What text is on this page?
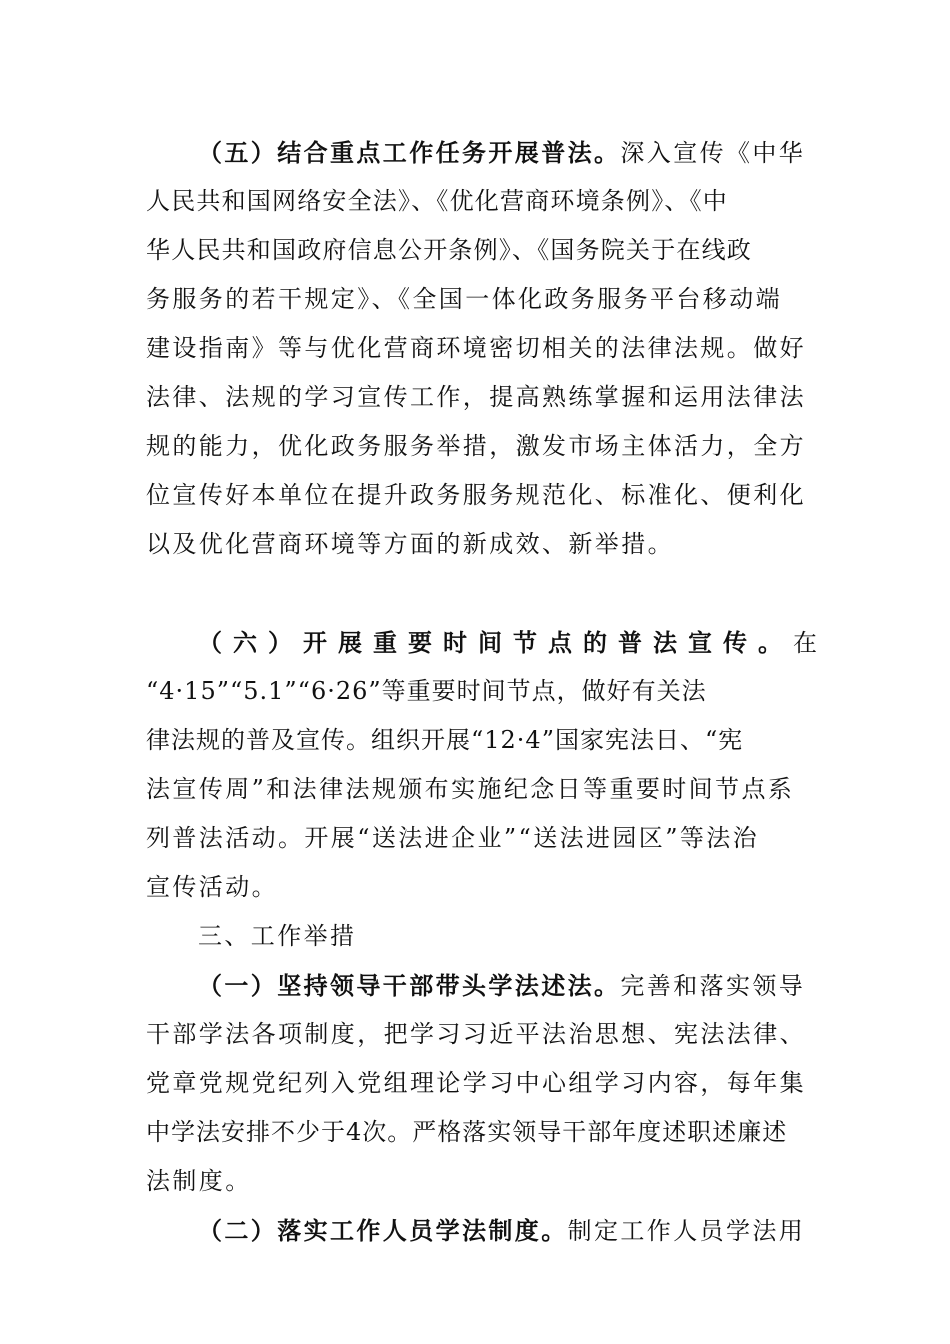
（五）结合重点工作任务开展普法。深入宣传《中华
人民共和国网络安全法》、《优化营商环境条例》、《中
华人民共和国政府信息公开条例》、《国务院关于在线政
务服务的若干规定》、《全国一体化政务服务平台移动端
建设指南》等与优化营商环境密切相关的法律法规。做好
法律、法规的学习宣传工作，提高熟练掌握和运用法律法
规的能力，优化政务服务举措，激发市场主体活力，全方
位宣传好本单位在提升政务服务规范化、标准化、便利化
以及优化营商环境等方面的新成效、新举措。
（六）开展重要时间节点的普法宣传。在
“4·15”“5.1”“6·26”等重要时间节点，做好有关法
律法规的普及宣传。组织开展“12·4”国家宪法日、“宪
法宣传周”和法律法规颁布实施纪念日等重要时间节点系
列普法活动。开展“送法进企业”“送法进园区”等法治
宣传活动。
三、工作举措
（一）坚持领导干部带头学法述法。完善和落实领导
干部学法各项制度，把学习习近平法治思想、宪法法律、
党章党规党纪列入党组理论学习中心组学习内容，每年集
中学法安排不少于4次。严格落实领导干部年度述职述廉述
法制度。
（二）落实工作人员学法制度。制定工作人员学法用
